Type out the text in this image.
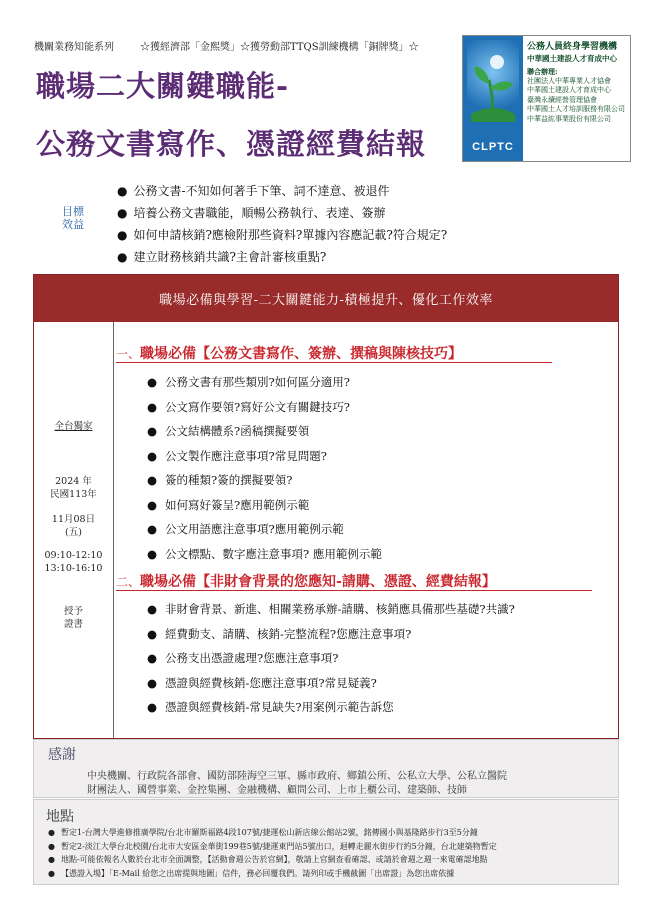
機關業務知能系列	☆獲經濟部「金熙獎」☆獲勞動部TTQS訓練機構「銅牌獎」☆
職場二大關鍵職能-
公務文書寫作、憑證經費結報	CLPTC
公務人員終身學習機構
中華國土建設人才育成中心
聯合辦理:
社團法人中華專業人才協會
中華國土建設人才育成中心
臺灣永續經營管理協會
中華國土人才培訓服務有限公司
中華益紘事業股份有限公司
目標效益
● 公務文書-不知如何著手下筆、詞不達意、被退件
● 培養公務文書職能，順暢公務執行、表達、簽辦
● 如何申請核銷?應檢附那些資料?單據內容應記載?符合規定?
● 建立財務核銷共識?主會計審核重點?
職場必備與學習-二大關鍵能力-積極提升、優化工作效率
全台獨家
2024 年
民國113年
11月08日
(五)
09:10-12:10
13:10-16:10
授予
證書
一、職場必備【公務文書寫作、簽辦、撰稿與陳核技巧】
● 公務文書有那些類別?如何區分適用?
● 公文寫作要領?寫好公文有關鍵技巧?
● 公文結構體系?函稿撰擬要領
● 公文製作應注意事項?常見問題?
● 簽的種類?簽的撰擬要領?
● 如何寫好簽呈?應用範例示範
● 公文用語應注意事項?應用範例示範
● 公文標點、數字應注意事項? 應用範例示範
二、職場必備【非財會背景的您應知-請購、憑證、經費結報】
● 非財會背景、新進、相關業務承辦-請購、核銷應具備那些基礎?共識?
● 經費動支、請購、核銷-完整流程?您應注意事項?
● 公務支出憑證處理?您應注意事項?
● 憑證與經費核銷-您應注意事項?常見疑義?
● 憑證與經費核銷-常見缺失?用案例示範告訴您
感謝
中央機關、行政院各部會、國防部陸海空三軍、縣市政府、鄉鎮公所、公私立大學、公私立醫院
財團法人、國營事業、金控集團、金融機構、顧問公司、上市上櫃公司、建築師、技師
地點
● 暫定1-台灣大學進修推廣學院/台北市羅斯福路4段107號/捷運松山新店線公館站2號，銘傳國小與基隆路步行3至5分鐘
● 暫定2-淡江大學台北校園/台北市大安區金華街199巷5號/捷運東門站5號出口，迴轉走麗水街步行約5分鐘，台北建築物暫定
● 地點-可能依報名人數於台北市全面調整，【活動會週公告於官網】，敬請上官網查看確認、或請於會週之週一來電確認地點
● 【憑證入場】「E-Mail 給您之出席提與地圖」信件，務必回覆我們。請列印或手機截圖「出席證」為您出席依據
